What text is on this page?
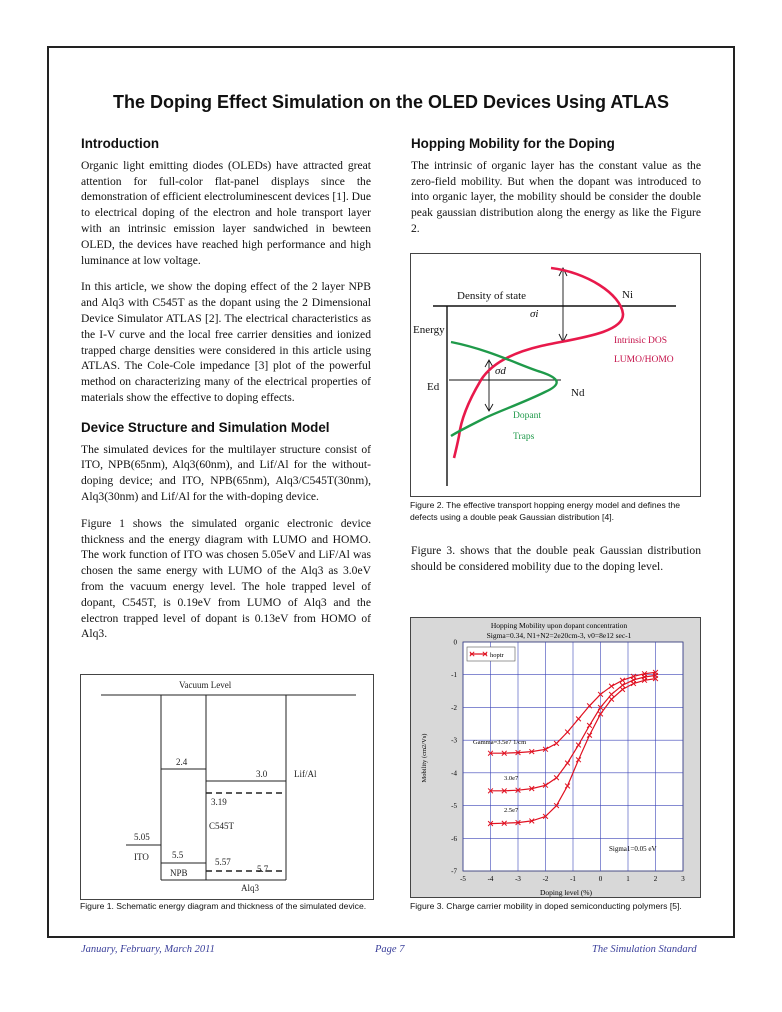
The Doping Effect Simulation on the OLED Devices Using ATLAS
Introduction

Organic light emitting diodes (OLEDs) have attracted great attention for full-color flat-panel displays since the demonstration of efficient electroluminescent devices [1]. Due to electrical doping of the electron and hole transport layer with an intrinsic emission layer sandwiched in bewteen OLED, the devices have reached high performance and high luminance at low voltage.

In this article, we show the doping effect of the 2 layer NPB and Alq3 with C545T as the dopant using the 2 Dimensional Device Simulator ATLAS [2]. The electrical characteristics as the I-V curve and the local free carrier densities and ionized trapped charge densities were considered in this article using ATLAS. The Cole-Cole impedance [3] plot of the powerful method on characterizing many of the electrical properties of materials show the effective to doping effects.

Device Structure and Simulation Model

The simulated devices for the multilayer structure consist of ITO, NPB(65nm), Alq3(60nm), and Lif/Al for the without-doping device; and ITO, NPB(65nm), Alq3/C545T(30nm), Alq3(30nm) and Lif/Al for the with-doping device.

Figure 1 shows the simulated organic electronic device thickness and the energy diagram with LUMO and HOMO. The work function of ITO was chosen 5.05eV and LiF/Al was chosen the same energy with LUMO of the Alq3 as 3.0eV from the vacuum energy level. The hole trapped level of dopant, C545T, is 0.19eV from LUMO of Alq3 and the electron trapped level of dopant is 0.13eV from HOMO of Alq3.

Hopping Mobility for the Doping

The intrinsic of organic layer has the constant value as the zero-field mobility. But when the dopant was introduced to into organic layer, the mobility should be consider the double peak gaussian distribution along the energy as like the Figure 2.

Figure 3. shows that the double peak Gaussian distribution should be considered mobility due to the doping level.

Vacuum Level
2.4
3.0	Lif/Al
3.19
C545T
5.05
ITO	5.5
5.57
5.7
NPB
Alq3
Figure 1. Schematic energy diagram and thickness of the simulated device.
Density of state	Ni
σi
Energy
Ed
σd
Nd
Intrinsic DOS
LUMO/HOMO
Dopant
Traps
Figure 2. The effective transport hopping energy model and defines the defects using a double peak Gaussian distribution [4].
Hopping Mobility upon dopant concentration
Sigma=0.34, N1+N2=2e20cm-3, v0=8e12 sec-1
-5	-4	-3	-2	-1	0	1	2	3
0
-1
-2
-3
-4
-5
-6
-7
hoptr
Gamma=3.5e7 1/cm
3.0e7
2.5e7
Sigma1=0.05 eV
Doping level (%)
Mobility (cm2/Vs)
Figure 3. Charge carrier mobility in doped semiconducting polymers [5].
January, February, March 2011	Page 7	The Simulation Standard
